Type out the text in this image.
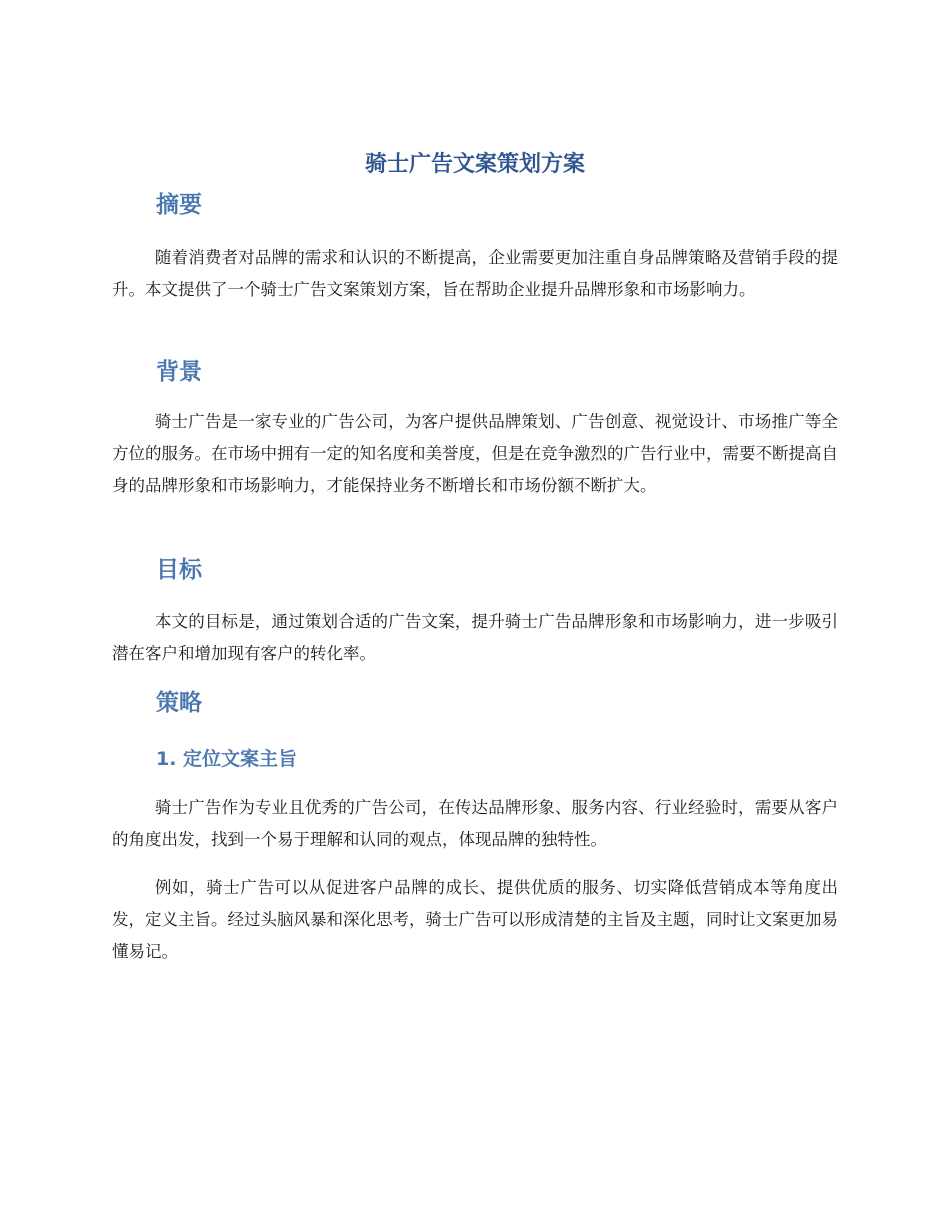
骑士广告文案策划方案
摘要

随着消费者对品牌的需求和认识的不断提高，企业需要更加注重自身品牌策略及营销手段的提升。本文提供了一个骑士广告文案策划方案，旨在帮助企业提升品牌形象和市场影响力。

背景

骑士广告是一家专业的广告公司，为客户提供品牌策划、广告创意、视觉设计、市场推广等全方位的服务。在市场中拥有一定的知名度和美誉度，但是在竞争激烈的广告行业中，需要不断提高自身的品牌形象和市场影响力，才能保持业务不断增长和市场份额不断扩大。

目标

本文的目标是，通过策划合适的广告文案，提升骑士广告品牌形象和市场影响力，进一步吸引潜在客户和增加现有客户的转化率。

策略
1. 定位文案主旨

骑士广告作为专业且优秀的广告公司，在传达品牌形象、服务内容、行业经验时，需要从客户的角度出发，找到一个易于理解和认同的观点，体现品牌的独特性。

例如，骑士广告可以从促进客户品牌的成长、提供优质的服务、切实降低营销成本等角度出发，定义主旨。经过头脑风暴和深化思考，骑士广告可以形成清楚的主旨及主题，同时让文案更加易懂易记。
